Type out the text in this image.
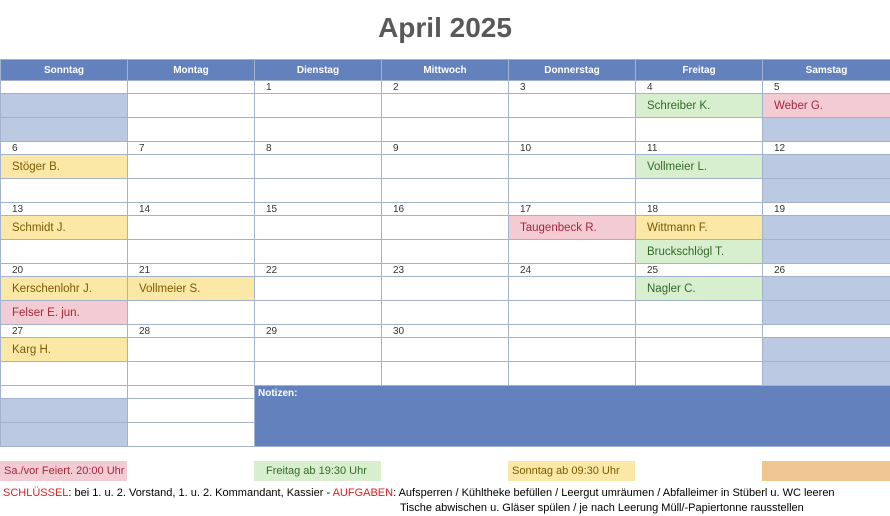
April 2025
Sonntag	Montag	Dienstag	Mittwoch	Donnerstag	Freitag	Samstag
		1	2	3	4	5
					Schreiber K.	Weber G.

6	7	8	9	10	11	12
Stöger B.					Vollmeier L.	

13	14	15	16	17	18	19
Schmidt J.				Taugenbeck R.	Wittmann F.	
					Bruckschlögl T.	
20	21	22	23	24	25	26
Kerschenlohr J.	Vollmeier S.				Nagler C.	
Felser E. jun.						
27	28	29	30			
Karg H.						

		Notizen:				

Sa./vor Feiert. 20:00 Uhr	Freitag ab 19:30 Uhr	Sonntag ab 09:30 Uhr
SCHLÜSSEL: bei 1. u. 2. Vorstand, 1. u. 2. Kommandant, Kassier - AUFGABEN: Aufsperren / Kühltheke befüllen / Leergut umräumen / Abfalleimer in Stüberl u. WC leeren
Tische abwischen u. Gläser spülen / je nach Leerung Müll/-Papiertonne rausstellen
